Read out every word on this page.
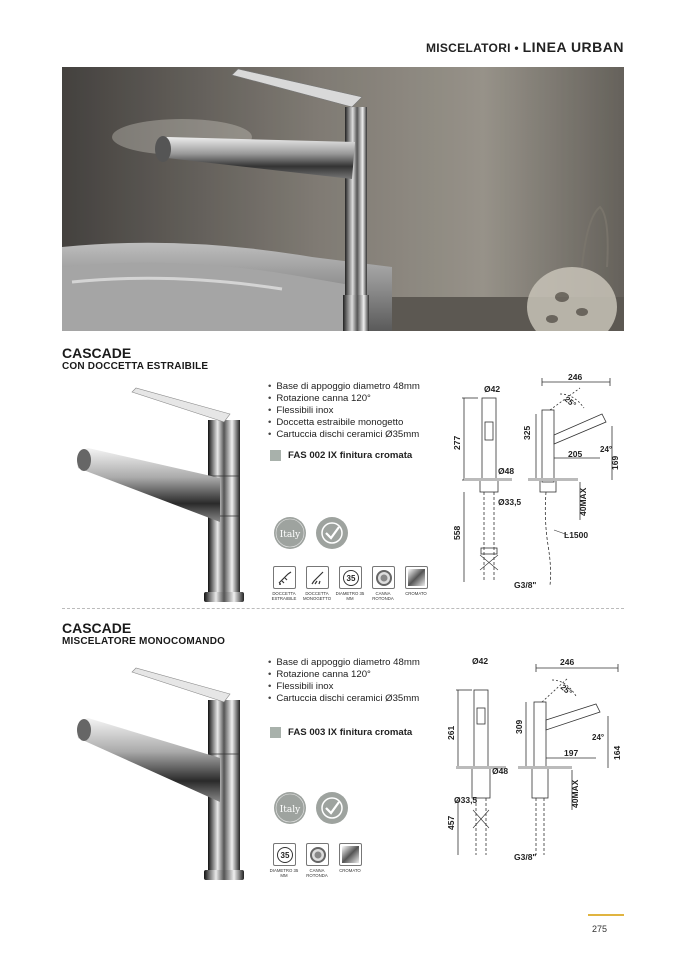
MISCELATORI • LINEA URBAN
CASCADE
CON DOCCETTA ESTRAIBILE
• Base di appoggio diametro 48mm
• Rotazione canna 120°
• Flessibili inox
• Doccetta estraibile monogetto
• Cartuccia dischi ceramici Ø35mm
FAS 002 IX finitura cromata
Italy
DOCCETTA ESTRAIBILE
DOCCETTA MONOGETTO
35
DIAMETRO 35 MM
CANNA ROTONDA
CROMATO
Ø42
277
325
246
25°
24°
205
169
Ø48
Ø33,5	40MAX
558	L1500
G3/8"
CASCADE
MISCELATORE MONOCOMANDO
• Base di appoggio diametro 48mm
• Rotazione canna 120°
• Flessibili inox
• Cartuccia dischi ceramici Ø35mm
FAS 003 IX finitura cromata
Italy
35
DIAMETRO 35 MM
CANNA ROTONDA
CROMATO
Ø42
261	309
246
25°
24°
197	164
Ø48
Ø33,5	40MAX
457
G3/8"
275
